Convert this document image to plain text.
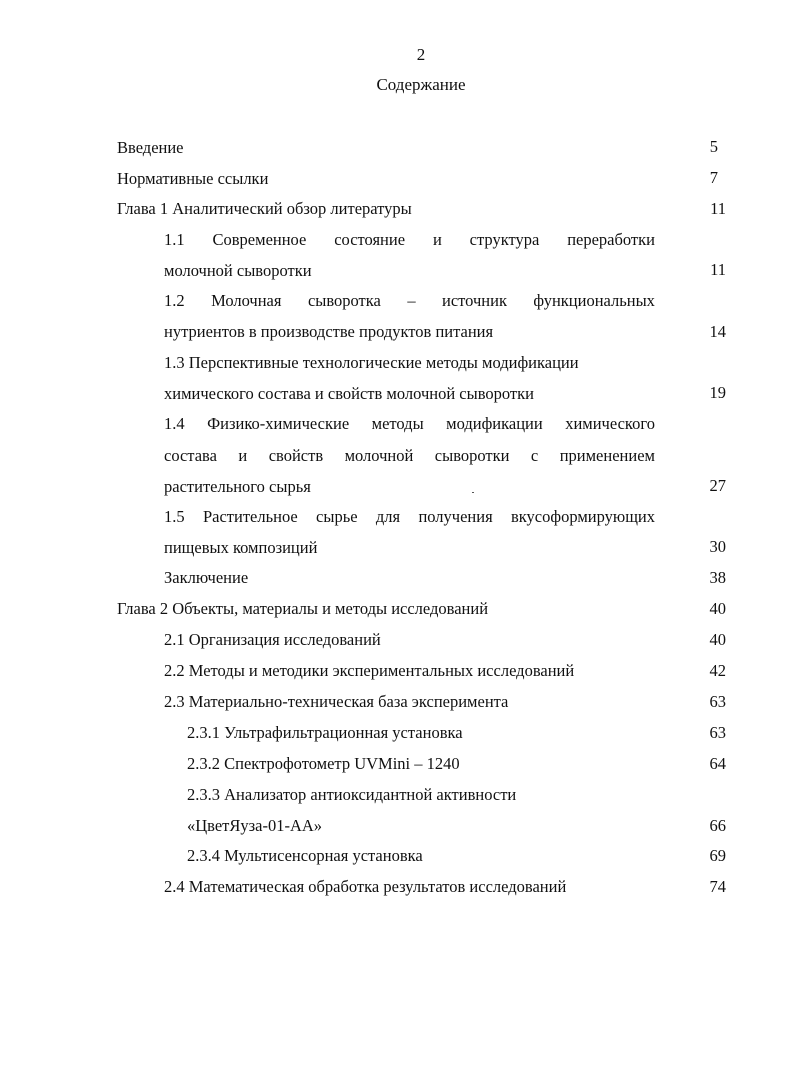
2
Содержание
Введение	5
Нормативные ссылки	7
Глава 1 Аналитический обзор литературы	11
1.1 Современное состояние и структура переработки
молочной сыворотки	11
1.2 Молочная сыворотка – источник функциональных
нутриентов в производстве продуктов питания	14
1.3 Перспективные технологические методы модификации
химического состава и свойств молочной сыворотки	19
1.4 Физико-химические методы модификации химического
состава и свойств молочной сыворотки с применением
растительного сырья	27
1.5 Растительное сырье для получения вкусоформирующих
пищевых композиций	30
Заключение	38
Глава 2 Объекты, материалы и методы исследований	40
2.1 Организация исследований	40
2.2 Методы и методики экспериментальных исследований	42
2.3 Материально-техническая база эксперимента	63
2.3.1 Ультрафильтрационная установка	63
2.3.2 Спектрофотометр UVMini – 1240	64
2.3.3 Анализатор антиоксидантной активности
«ЦветЯуза-01-АА»	66
2.3.4 Мультисенсорная установка	69
2.4 Математическая обработка результатов исследований	74
